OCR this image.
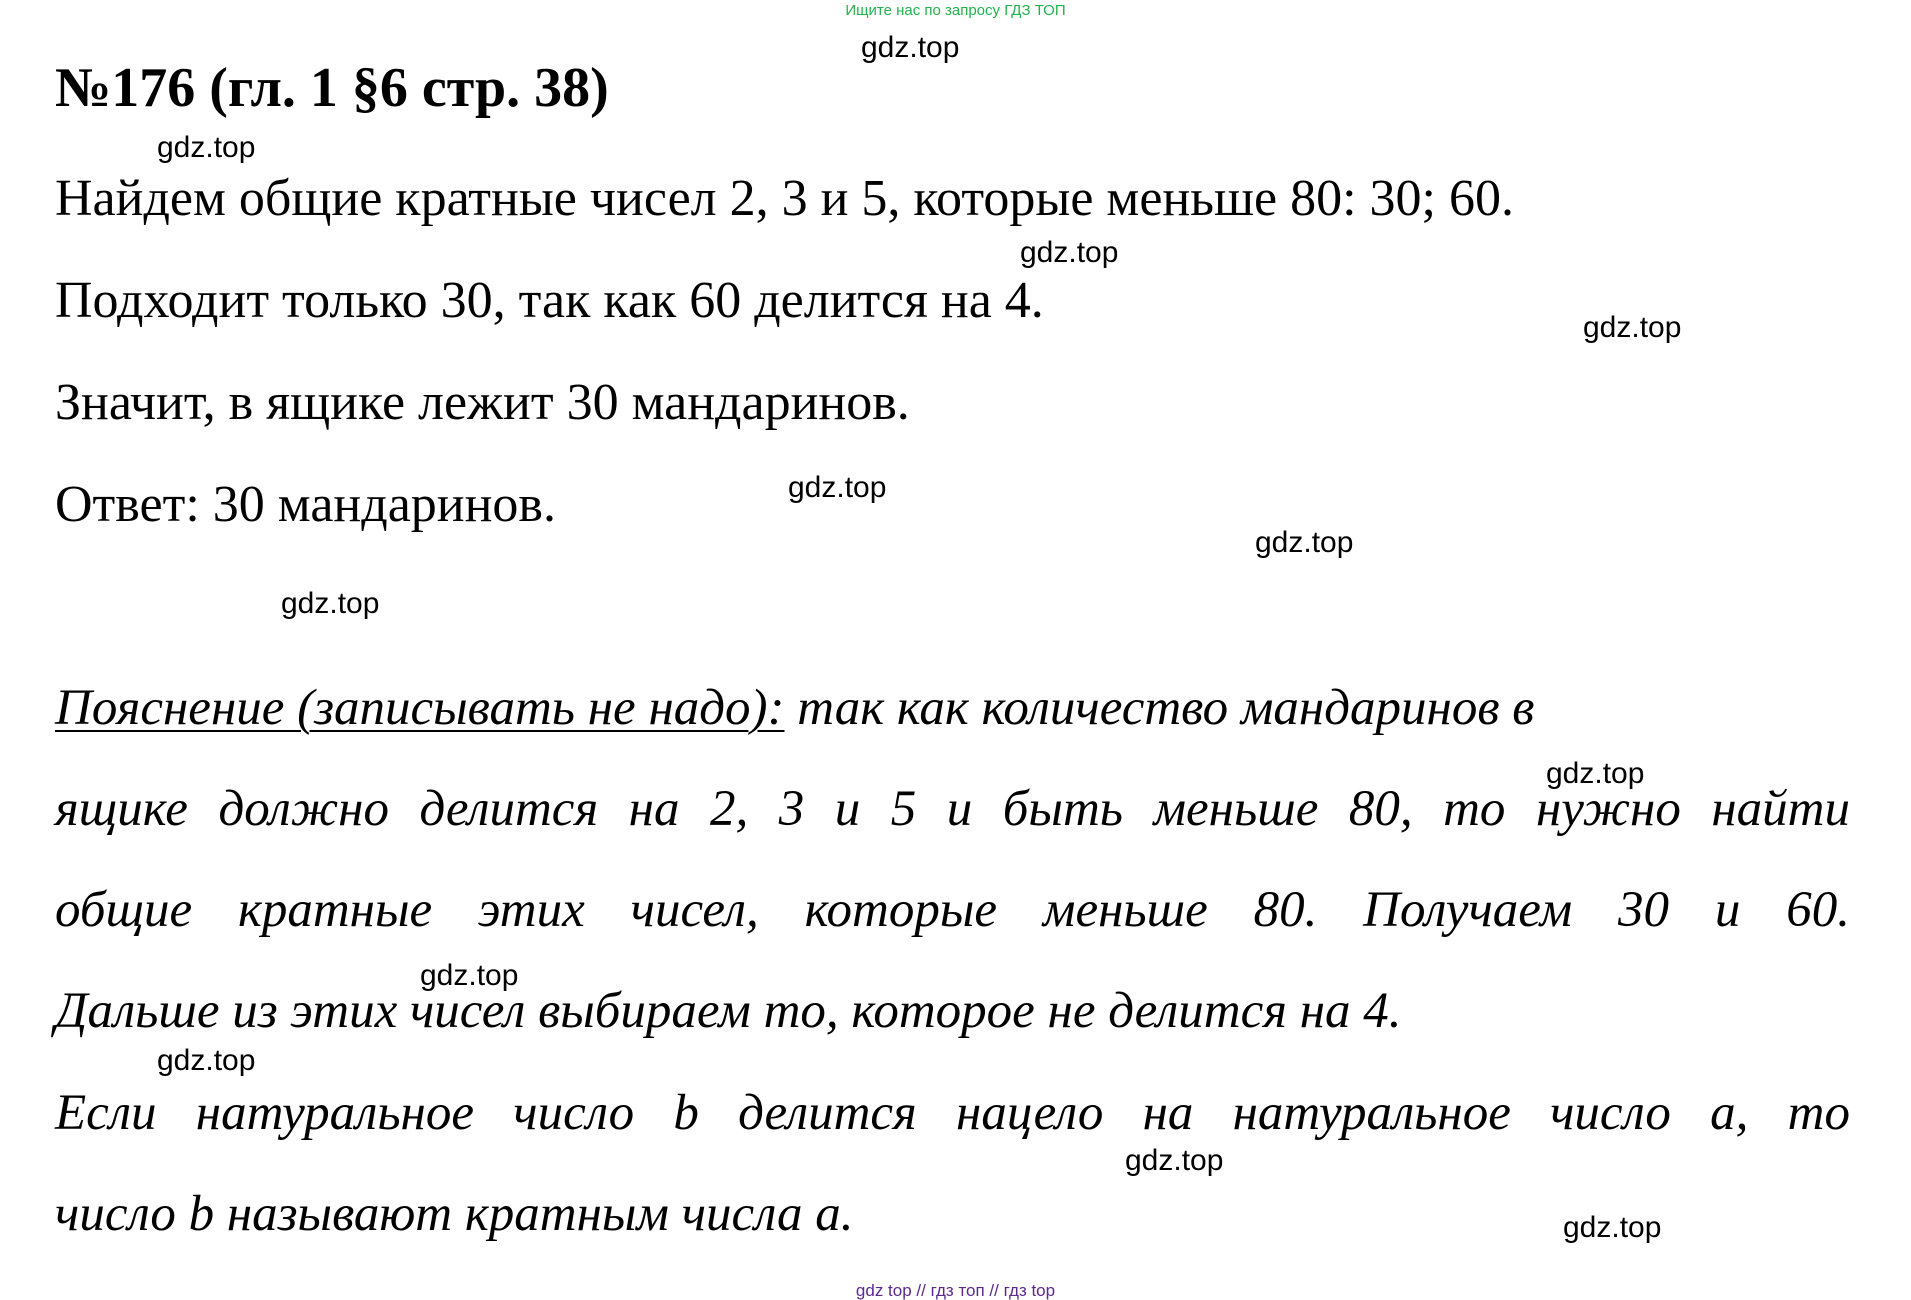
Ищите нас по запросу ГДЗ ТОП
№176 (гл. 1 §6 стр. 38)
Найдем общие кратные чисел 2, 3 и 5, которые меньше 80: 30; 60.
Подходит только 30, так как 60 делится на 4.
Значит, в ящике лежит 30 мандаринов.
Ответ: 30 мандаринов.
Пояснение (записывать не надо): так как количество мандаринов в
ящике должно делится на 2, 3 и 5 и быть меньше 80, то нужно найти
общие кратные этих чисел, которые меньше 80. Получаем 30 и 60.
Дальше из этих чисел выбираем то, которое не делится на 4.
Если натуральное число b делится нацело на натуральное число a, то
число b называют кратным числа a.
gdz.top
gdz.top
gdz.top
gdz.top
gdz.top
gdz.top
gdz.top
gdz.top
gdz.top
gdz.top
gdz.top
gdz.top
gdz top // гдз топ // гдз top
